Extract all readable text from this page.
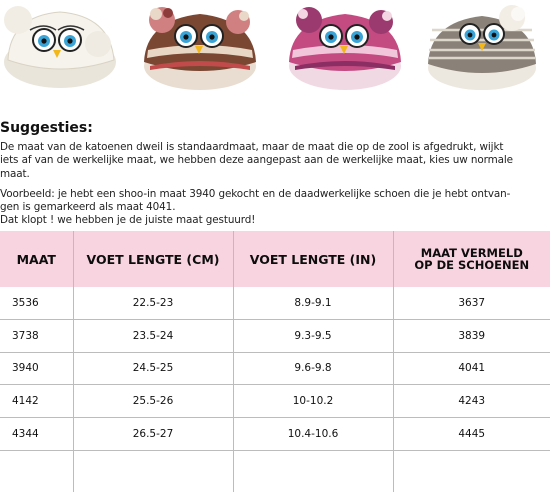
Suggesties:

De maat van de katoenen dweil is standaardmaat, maar de maat die op de zool is afgedrukt, wijkt
iets af van de werkelijke maat, we hebben deze aangepast aan de werkelijke maat, kies uw normale
maat.

Voorbeeld: je hebt een shoo-in maat 3940 gekocht en de daadwerkelijke schoen die je hebt ontvan-
gen is gemarkeerd als maat 4041.
Dat klopt ! we hebben je de juiste maat gestuurd!

MAAT	VOET LENGTE (CM)	VOET LENGTE (IN)	MAAT VERMELD
OP DE SCHOENEN
3536	22.5-23	8.9-9.1	3637
3738	23.5-24	9.3-9.5	3839
3940	24.5-25	9.6-9.8	4041
4142	25.5-26	10-10.2	4243
4344	26.5-27	10.4-10.6	4445
